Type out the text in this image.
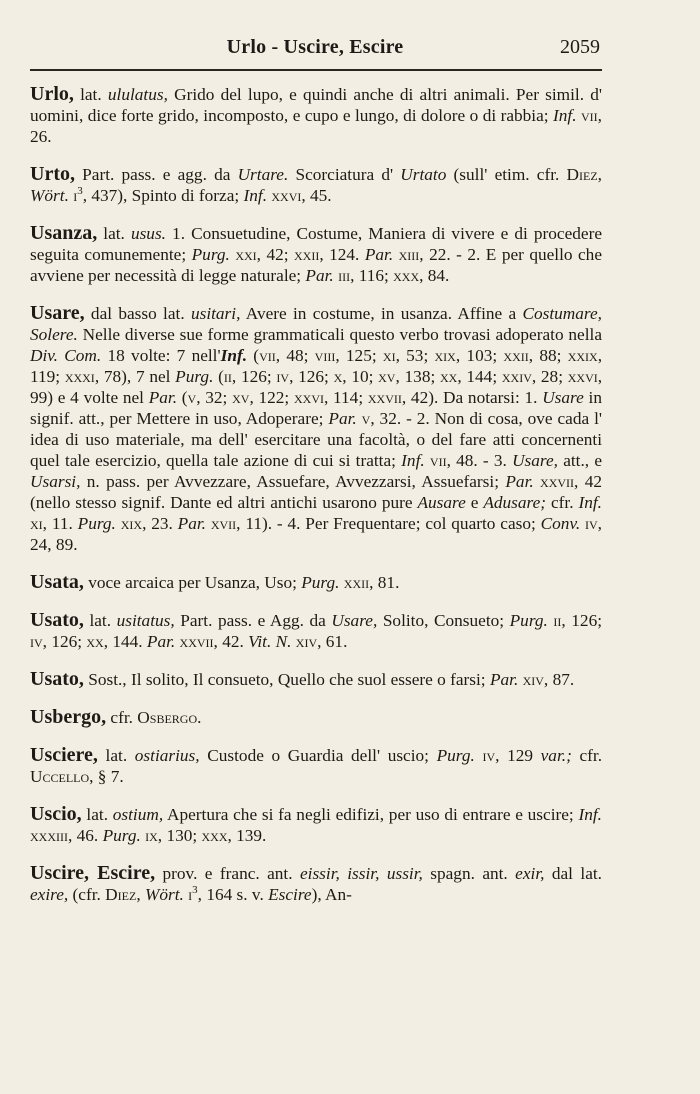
Urlo - Uscire, Escire	2059

Urlo, lat. ululatus, Grido del lupo, e quindi anche di altri animali. Per simil. d' uomini, dice forte grido, incomposto, e cupo e lungo, di dolore o di rabbia; Inf. vii, 26.

Urto, Part. pass. e agg. da Urtare. Scorciatura d' Urtato (sull' etim. cfr. Diez, Wört. $i^3$, 437), Spinto di forza; Inf. xxvi, 45.

Usanza, lat. usus. 1. Consuetudine, Costume, Maniera di vivere e di procedere seguita comunemente; Purg. xxi, 42; xxii, 124. Par. xiii, 22. - 2. E per quello che avviene per necessità di legge naturale; Par. iii, 116; xxx, 84.

Usare, dal basso lat. usitari, Avere in costume, in usanza. Affine a Costumare, Solere. Nelle diverse sue forme grammaticali questo verbo trovasi adoperato nella Div. Com. 18 volte: 7 nell'Inf. (vii, 48; viii, 125; xi, 53; xix, 103; xxii, 88; xxix, 119; xxxi, 78), 7 nel Purg. (ii, 126; iv, 126; x, 10; xv, 138; xx, 144; xxiv, 28; xxvi, 99) e 4 volte nel Par. (v, 32; xv, 122; xxvi, 114; xxvii, 42). Da notarsi: 1. Usare in signif. att., per Mettere in uso, Adoperare; Par. v, 32. - 2. Non di cosa, ove cada l' idea di uso materiale, ma dell' esercitare una facoltà, o del fare atti concernenti quel tale esercizio, quella tale azione di cui si tratta; Inf. vii, 48. - 3. Usare, att., e Usarsi, n. pass. per Avvezzare, Assuefare, Avvezzarsi, Assuefarsi; Par. xxvii, 42 (nello stesso signif. Dante ed altri antichi usarono pure Ausare e Adusare; cfr. Inf. xi, 11. Purg. xix, 23. Par. xvii, 11). - 4. Per Frequentare; col quarto caso; Conv. iv, 24, 89.

Usata, voce arcaica per Usanza, Uso; Purg. xxii, 81.

Usato, lat. usitatus, Part. pass. e Agg. da Usare, Solito, Consueto; Purg. ii, 126; iv, 126; xx, 144. Par. xxvii, 42. Vit. N. xiv, 61.

Usato, Sost., Il solito, Il consueto, Quello che suol essere o farsi; Par. xiv, 87.

Usbergo, cfr. Osbergo.

Usciere, lat. ostiarius, Custode o Guardia dell' uscio; Purg. iv, 129 var.; cfr. Uccello, § 7.

Uscio, lat. ostium, Apertura che si fa negli edifizi, per uso di entrare e uscire; Inf. xxxiii, 46. Purg. ix, 130; xxx, 139.

Uscire, Escire, prov. e franc. ant. eissir, issir, ussir, spagn. ant. exir, dal lat. exire, (cfr. Diez, Wört. $i^3$, 164 s. v. Escire), An-
